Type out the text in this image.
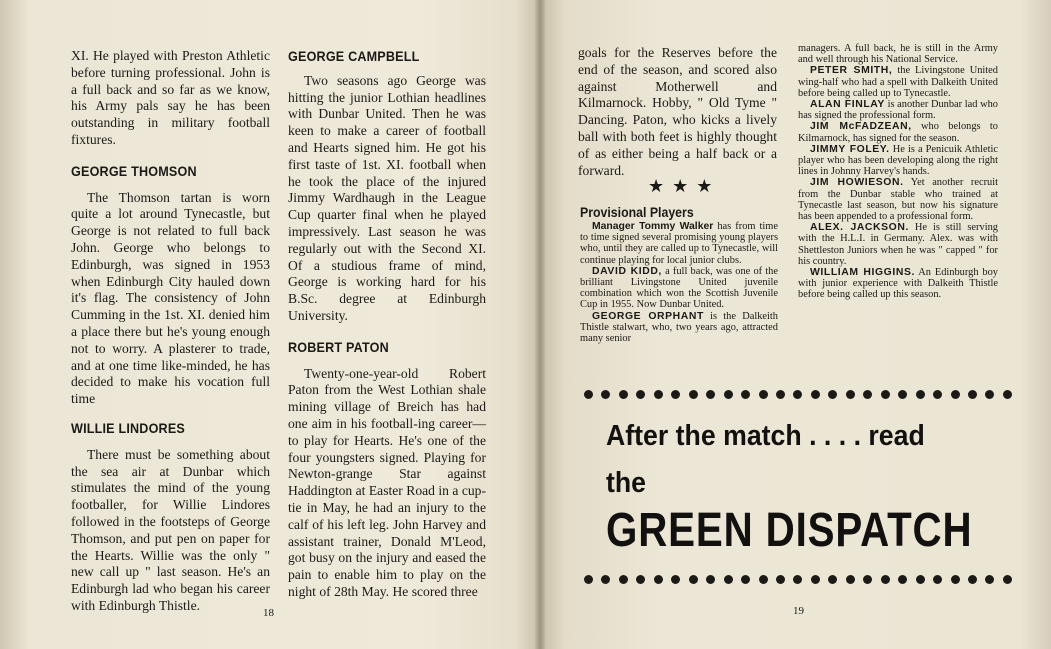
XI. He played with Preston Athletic before turning professional. John is a full back and so far as we know, his Army pals say he has been outstanding in military football fixtures.

GEORGE THOMSON

The Thomson tartan is worn quite a lot around Tynecastle, but George is not related to full back John. George who belongs to Edinburgh, was signed in 1953 when Edinburgh City hauled down it's flag. The consistency of John Cumming in the 1st. XI. denied him a place there but he's young enough not to worry. A plasterer to trade, and at one time like-minded, he has decided to make his vocation full time

WILLIE LINDORES

There must be something about the sea air at Dunbar which stimulates the mind of the young footballer, for Willie Lindores followed in the footsteps of George Thomson, and put pen on paper for the Hearts. Willie was the only " new call up " last season. He's an Edinburgh lad who began his career with Edinburgh Thistle.

GEORGE CAMPBELL

Two seasons ago George was hitting the junior Lothian headlines with Dunbar United. Then he was keen to make a career of football and Hearts signed him. He got his first taste of 1st. XI. football when he took the place of the injured Jimmy Wardhaugh in the League Cup quarter final when he played impressively. Last season he was regularly out with the Second XI. Of a studious frame of mind, George is working hard for his B.Sc. degree at Edinburgh University.

ROBERT PATON

Twenty-one-year-old Robert Paton from the West Lothian shale mining village of Breich has had one aim in his football-ing career—to play for Hearts. He's one of the four youngsters signed. Playing for Newton-grange Star against Haddington at Easter Road in a cup-tie in May, he had an injury to the calf of his left leg. John Harvey and assistant trainer, Donald M'Leod, got busy on the injury and eased the pain to enable him to play on the night of 28th May. He scored three

18

goals for the Reserves before the end of the season, and scored also against Motherwell and Kilmarnock. Hobby, " Old Tyme " Dancing. Paton, who kicks a lively ball with both feet is highly thought of as either being a half back or a forward.

★★★
Provisional Players

Manager Tommy Walker has from time to time signed several promising young players who, until they are called up to Tynecastle, will continue playing for local junior clubs.

DAVID KIDD, a full back, was one of the brilliant Livingstone United juvenile combination which won the Scottish Juvenile Cup in 1955. Now Dunbar United.

GEORGE ORPHANT is the Dalkeith Thistle stalwart, who, two years ago, attracted many senior

managers. A full back, he is still in the Army and well through his National Service.

PETER SMITH, the Livingstone United wing-half who had a spell with Dalkeith United before being called up to Tynecastle.

ALAN FINLAY is another Dunbar lad who has signed the professional form.

JIM McFADZEAN, who belongs to Kilmarnock, has signed for the season.

JIMMY FOLEY. He is a Penicuik Athletic player who has been developing along the right lines in Johnny Harvey's hands.

JIM HOWIESON. Yet another recruit from the Dunbar stable who trained at Tynecastle last season, but now his signature has been appended to a professional form.

ALEX. JACKSON. He is still serving with the H.L.I. in Germany. Alex. was with Shettleston Juniors when he was " capped " for his country.

WILLIAM HIGGINS. An Edinburgh boy with junior experience with Dalkeith Thistle before being called up this season.

After the match . . . . read
the
GREEN DISPATCH
19
